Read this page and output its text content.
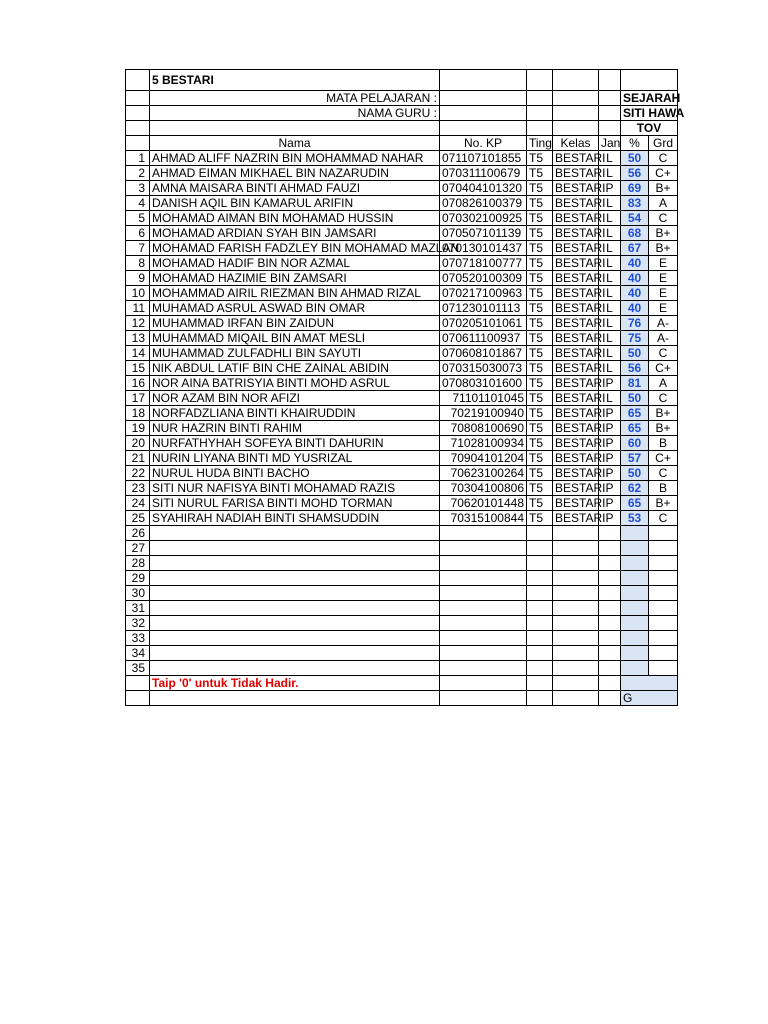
	5 BESTARI						
	MATA PELAJARAN :					SEJARAH	
	NAMA GURU :					SITI HAWA	
						TOV	
	Nama	No. KP	Ting	Kelas	Jan	%	Grd
1	AHMAD ALIFF NAZRIN BIN MOHAMMAD NAHAR	071107101855	T5	BESTARI	L	50	C
2	AHMAD EIMAN MIKHAEL BIN NAZARUDIN	070311100679	T5	BESTARI	L	56	C+
3	AMNA MAISARA BINTI AHMAD FAUZI	070404101320	T5	BESTARI	P	69	B+
4	DANISH AQIL BIN KAMARUL ARIFIN	070826100379	T5	BESTARI	L	83	A
5	MOHAMAD AIMAN BIN MOHAMAD HUSSIN	070302100925	T5	BESTARI	L	54	C
6	MOHAMAD ARDIAN SYAH BIN JAMSARI	070507101139	T5	BESTARI	L	68	B+
7	MOHAMAD FARISH FADZLEY BIN MOHAMAD MAZLAN	070130101437	T5	BESTARI	L	67	B+
8	MOHAMAD HADIF BIN NOR AZMAL	070718100777	T5	BESTARI	L	40	E
9	MOHAMAD HAZIMIE BIN ZAMSARI	070520100309	T5	BESTARI	L	40	E
10	MOHAMMAD AIRIL RIEZMAN BIN AHMAD RIZAL	070217100963	T5	BESTARI	L	40	E
11	MUHAMAD ASRUL ASWAD BIN OMAR	071230101113	T5	BESTARI	L	40	E
12	MUHAMMAD IRFAN BIN ZAIDUN	070205101061	T5	BESTARI	L	76	A-
13	MUHAMMAD MIQAIL BIN AMAT MESLI	070611100937	T5	BESTARI	L	75	A-
14	MUHAMMAD ZULFADHLI BIN SAYUTI	070608101867	T5	BESTARI	L	50	C
15	NIK ABDUL LATIF BIN CHE ZAINAL ABIDIN	070315030073	T5	BESTARI	L	56	C+
16	NOR AINA BATRISYIA BINTI MOHD ASRUL	070803101600	T5	BESTARI	P	81	A
17	NOR AZAM BIN NOR AFIZI	71101101045	T5	BESTARI	L	50	C
18	NORFADZLIANA BINTI KHAIRUDDIN	70219100940	T5	BESTARI	P	65	B+
19	NUR HAZRIN BINTI RAHIM	70808100690	T5	BESTARI	P	65	B+
20	NURFATHYHAH SOFEYA BINTI DAHURIN	71028100934	T5	BESTARI	P	60	B
21	NURIN LIYANA BINTI MD YUSRIZAL	70904101204	T5	BESTARI	P	57	C+
22	NURUL HUDA BINTI BACHO	70623100264	T5	BESTARI	P	50	C
23	SITI NUR NAFISYA BINTI MOHAMAD RAZIS	70304100806	T5	BESTARI	P	62	B
24	SITI NURUL FARISA BINTI MOHD TORMAN	70620101448	T5	BESTARI	P	65	B+
25	SYAHIRAH NADIAH BINTI SHAMSUDDIN	70315100844	T5	BESTARI	P	53	C
26							
27							
28							
29							
30							
31							
32							
33							
34							
35							
	Taip '0' untuk Tidak Hadir.						
						G	
